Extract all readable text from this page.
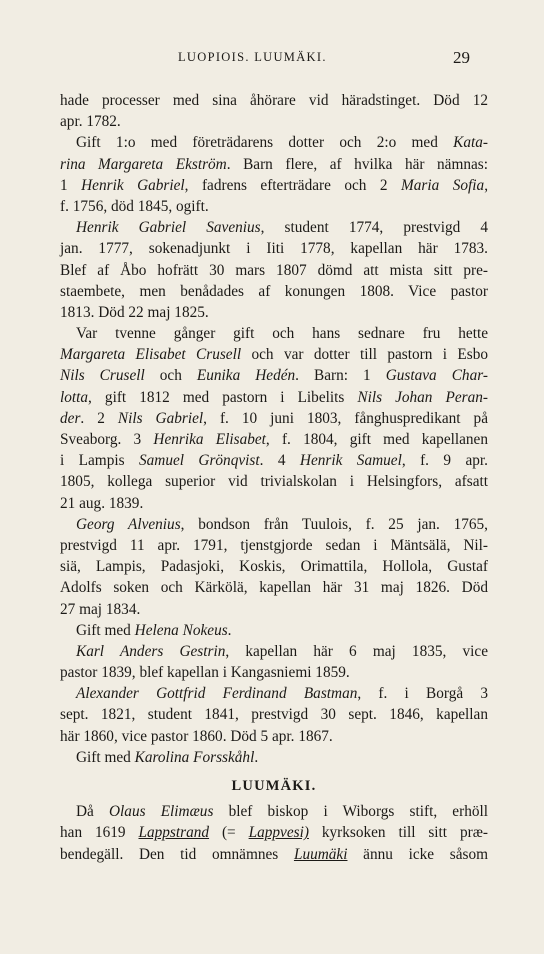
LUOPIOIS. LUUMÄKI.	29
hade processer med sina åhörare vid häradstinget. Död 12
apr. 1782.
Gift 1:o med företrädarens dotter och 2:o med Kata-
rina Margareta Ekström. Barn flere, af hvilka här nämnas:
1 Henrik Gabriel, fadrens efterträdare och 2 Maria Sofia,
f. 1756, död 1845, ogift.
Henrik Gabriel Savenius, student 1774, prestvigd 4
jan. 1777, sokenadjunkt i Iiti 1778, kapellan här 1783.
Blef af Åbo hofrätt 30 mars 1807 dömd att mista sitt pre-
staembete, men benådades af konungen 1808. Vice pastor
1813. Död 22 maj 1825.
Var tvenne gånger gift och hans sednare fru hette
Margareta Elisabet Crusell och var dotter till pastorn i Esbo
Nils Crusell och Eunika Hedén. Barn: 1 Gustava Char-
lotta, gift 1812 med pastorn i Libelits Nils Johan Peran-
der. 2 Nils Gabriel, f. 10 juni 1803, fånghuspredikant på
Sveaborg. 3 Henrika Elisabet, f. 1804, gift med kapellanen
i Lampis Samuel Grönqvist. 4 Henrik Samuel, f. 9 apr.
1805, kollega superior vid trivialskolan i Helsingfors, afsatt
21 aug. 1839.
Georg Alvenius, bondson från Tuulois, f. 25 jan. 1765,
prestvigd 11 apr. 1791, tjenstgjorde sedan i Mäntsälä, Nil-
siä, Lampis, Padasjoki, Koskis, Orimattila, Hollola, Gustaf
Adolfs soken och Kärkölä, kapellan här 31 maj 1826. Död
27 maj 1834.
Gift med Helena Nokeus.
Karl Anders Gestrin, kapellan här 6 maj 1835, vice
pastor 1839, blef kapellan i Kangasniemi 1859.
Alexander Gottfrid Ferdinand Bastman, f. i Borgå 3
sept. 1821, student 1841, prestvigd 30 sept. 1846, kapellan
här 1860, vice pastor 1860. Död 5 apr. 1867.
Gift med Karolina Forsskåhl.
LUUMÄKI.
Då Olaus Elimæus blef biskop i Wiborgs stift, erhöll
han 1619 Lappstrand (= Lappvesi) kyrksoken till sitt præ-
bendegäll. Den tid omnämnes Luumäki ännu icke såsom
